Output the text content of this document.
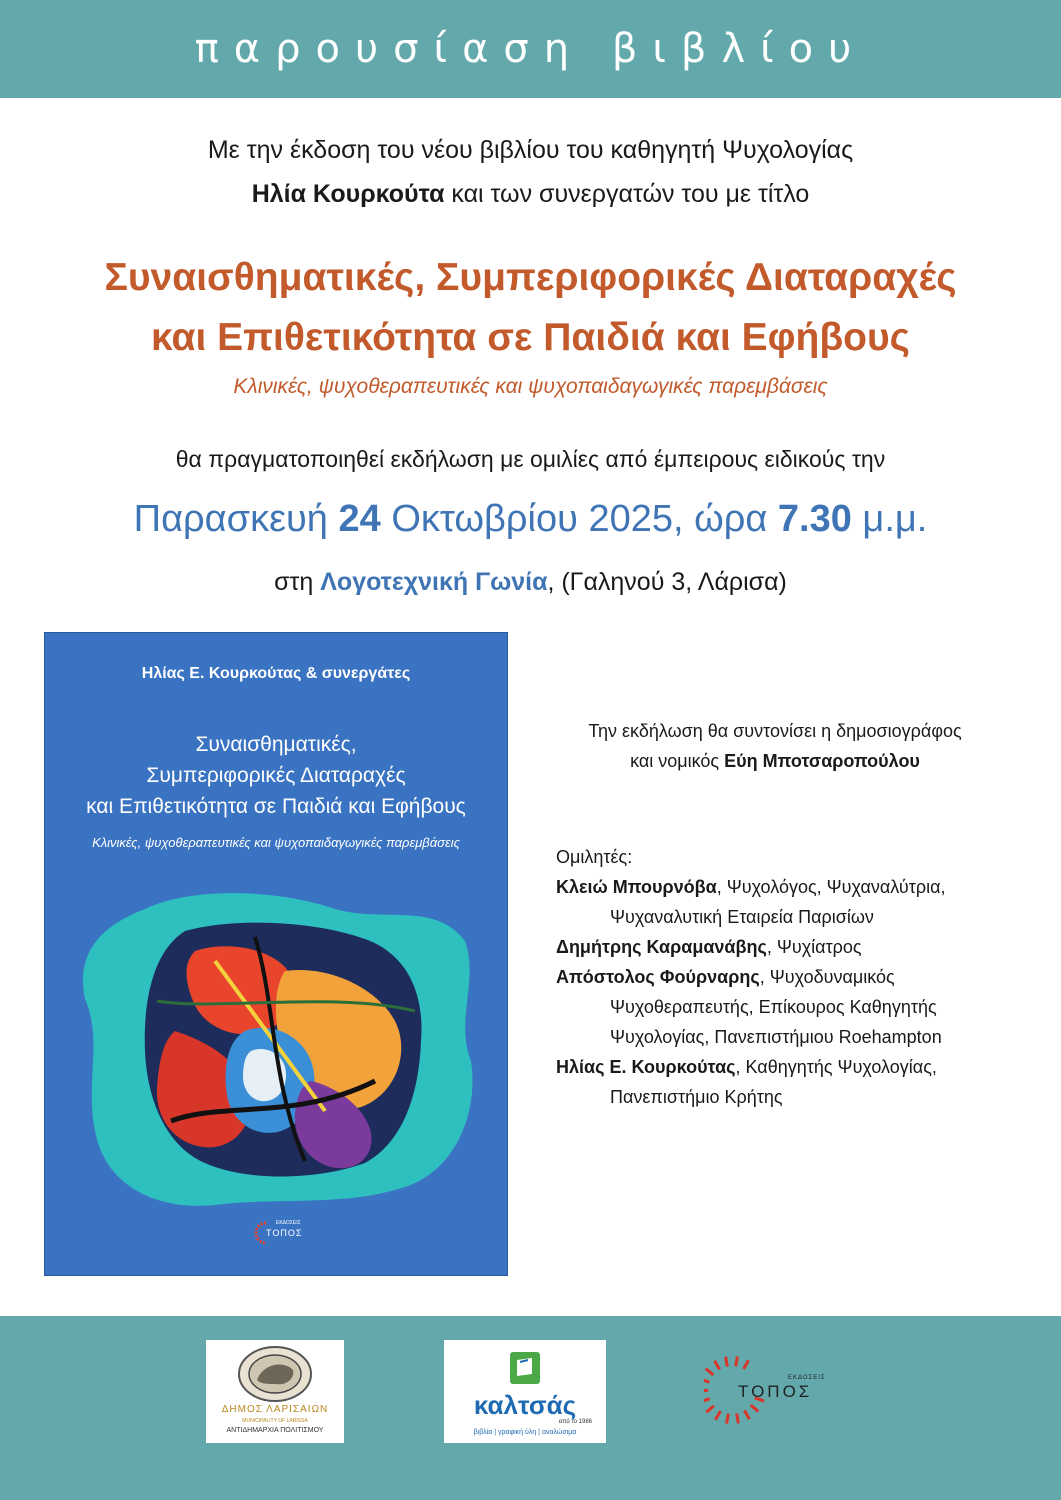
παρουσίαση βιβλίου
Με την έκδοση του νέου βιβλίου του καθηγητή Ψυχολογίας
Ηλία Κουρκούτα και των συνεργατών του με τίτλο
Συναισθηματικές, Συμπεριφορικές Διαταραχές
και Επιθετικότητα σε Παιδιά και Εφήβους
Κλινικές, ψυχοθεραπευτικές και ψυχοπαιδαγωγικές παρεμβάσεις
θα πραγματοποιηθεί εκδήλωση με ομιλίες από έμπειρους ειδικούς την
Παρασκευή 24 Οκτωβρίου 2025, ώρα 7.30 μ.μ.
στη Λογοτεχνική Γωνία, (Γαληνού 3, Λάρισα)
Ηλίας Ε. Κουρκούτας & συνεργάτες
Συναισθηματικές,
Συμπεριφορικές Διαταραχές
και Επιθετικότητα σε Παιδιά και Εφήβους
Κλινικές, ψυχοθεραπευτικές και ψυχοπαιδαγωγικές παρεμβάσεις
ΕΚΔΟΣΕΙΣ
ΤΟΠΟΣ
Την εκδήλωση θα συντονίσει η δημοσιογράφος
και νομικός Εύη Μποτσαροπούλου
Ομιλητές:
Κλειώ Μπουρνόβα, Ψυχολόγος, Ψυχαναλύτρια,
Ψυχαναλυτική Εταιρεία Παρισίων
Δημήτρης Καραμανάβης, Ψυχίατρος
Απόστολος Φούρναρης, Ψυχοδυναμικός
Ψυχοθεραπευτής, Επίκουρος Καθηγητής
Ψυχολογίας, Πανεπιστήμιου Roehampton
Ηλίας Ε. Κουρκούτας, Καθηγητής Ψυχολογίας,
Πανεπιστήμιο Κρήτης
ΔΗΜΟΣ ΛΑΡΙΣΑΙΩΝ
MUNICIPALITY OF LARISSA
ΑΝΤΙΔΗΜΑΡΧΙΑ ΠΟΛΙΤΙΣΜΟΥ
καλτσάς
από το 1986
βιβλία | γραφική ύλη | αναλώσιμα
ΕΚΔΟΣΕΙΣ
ΤΟΠΟΣ
